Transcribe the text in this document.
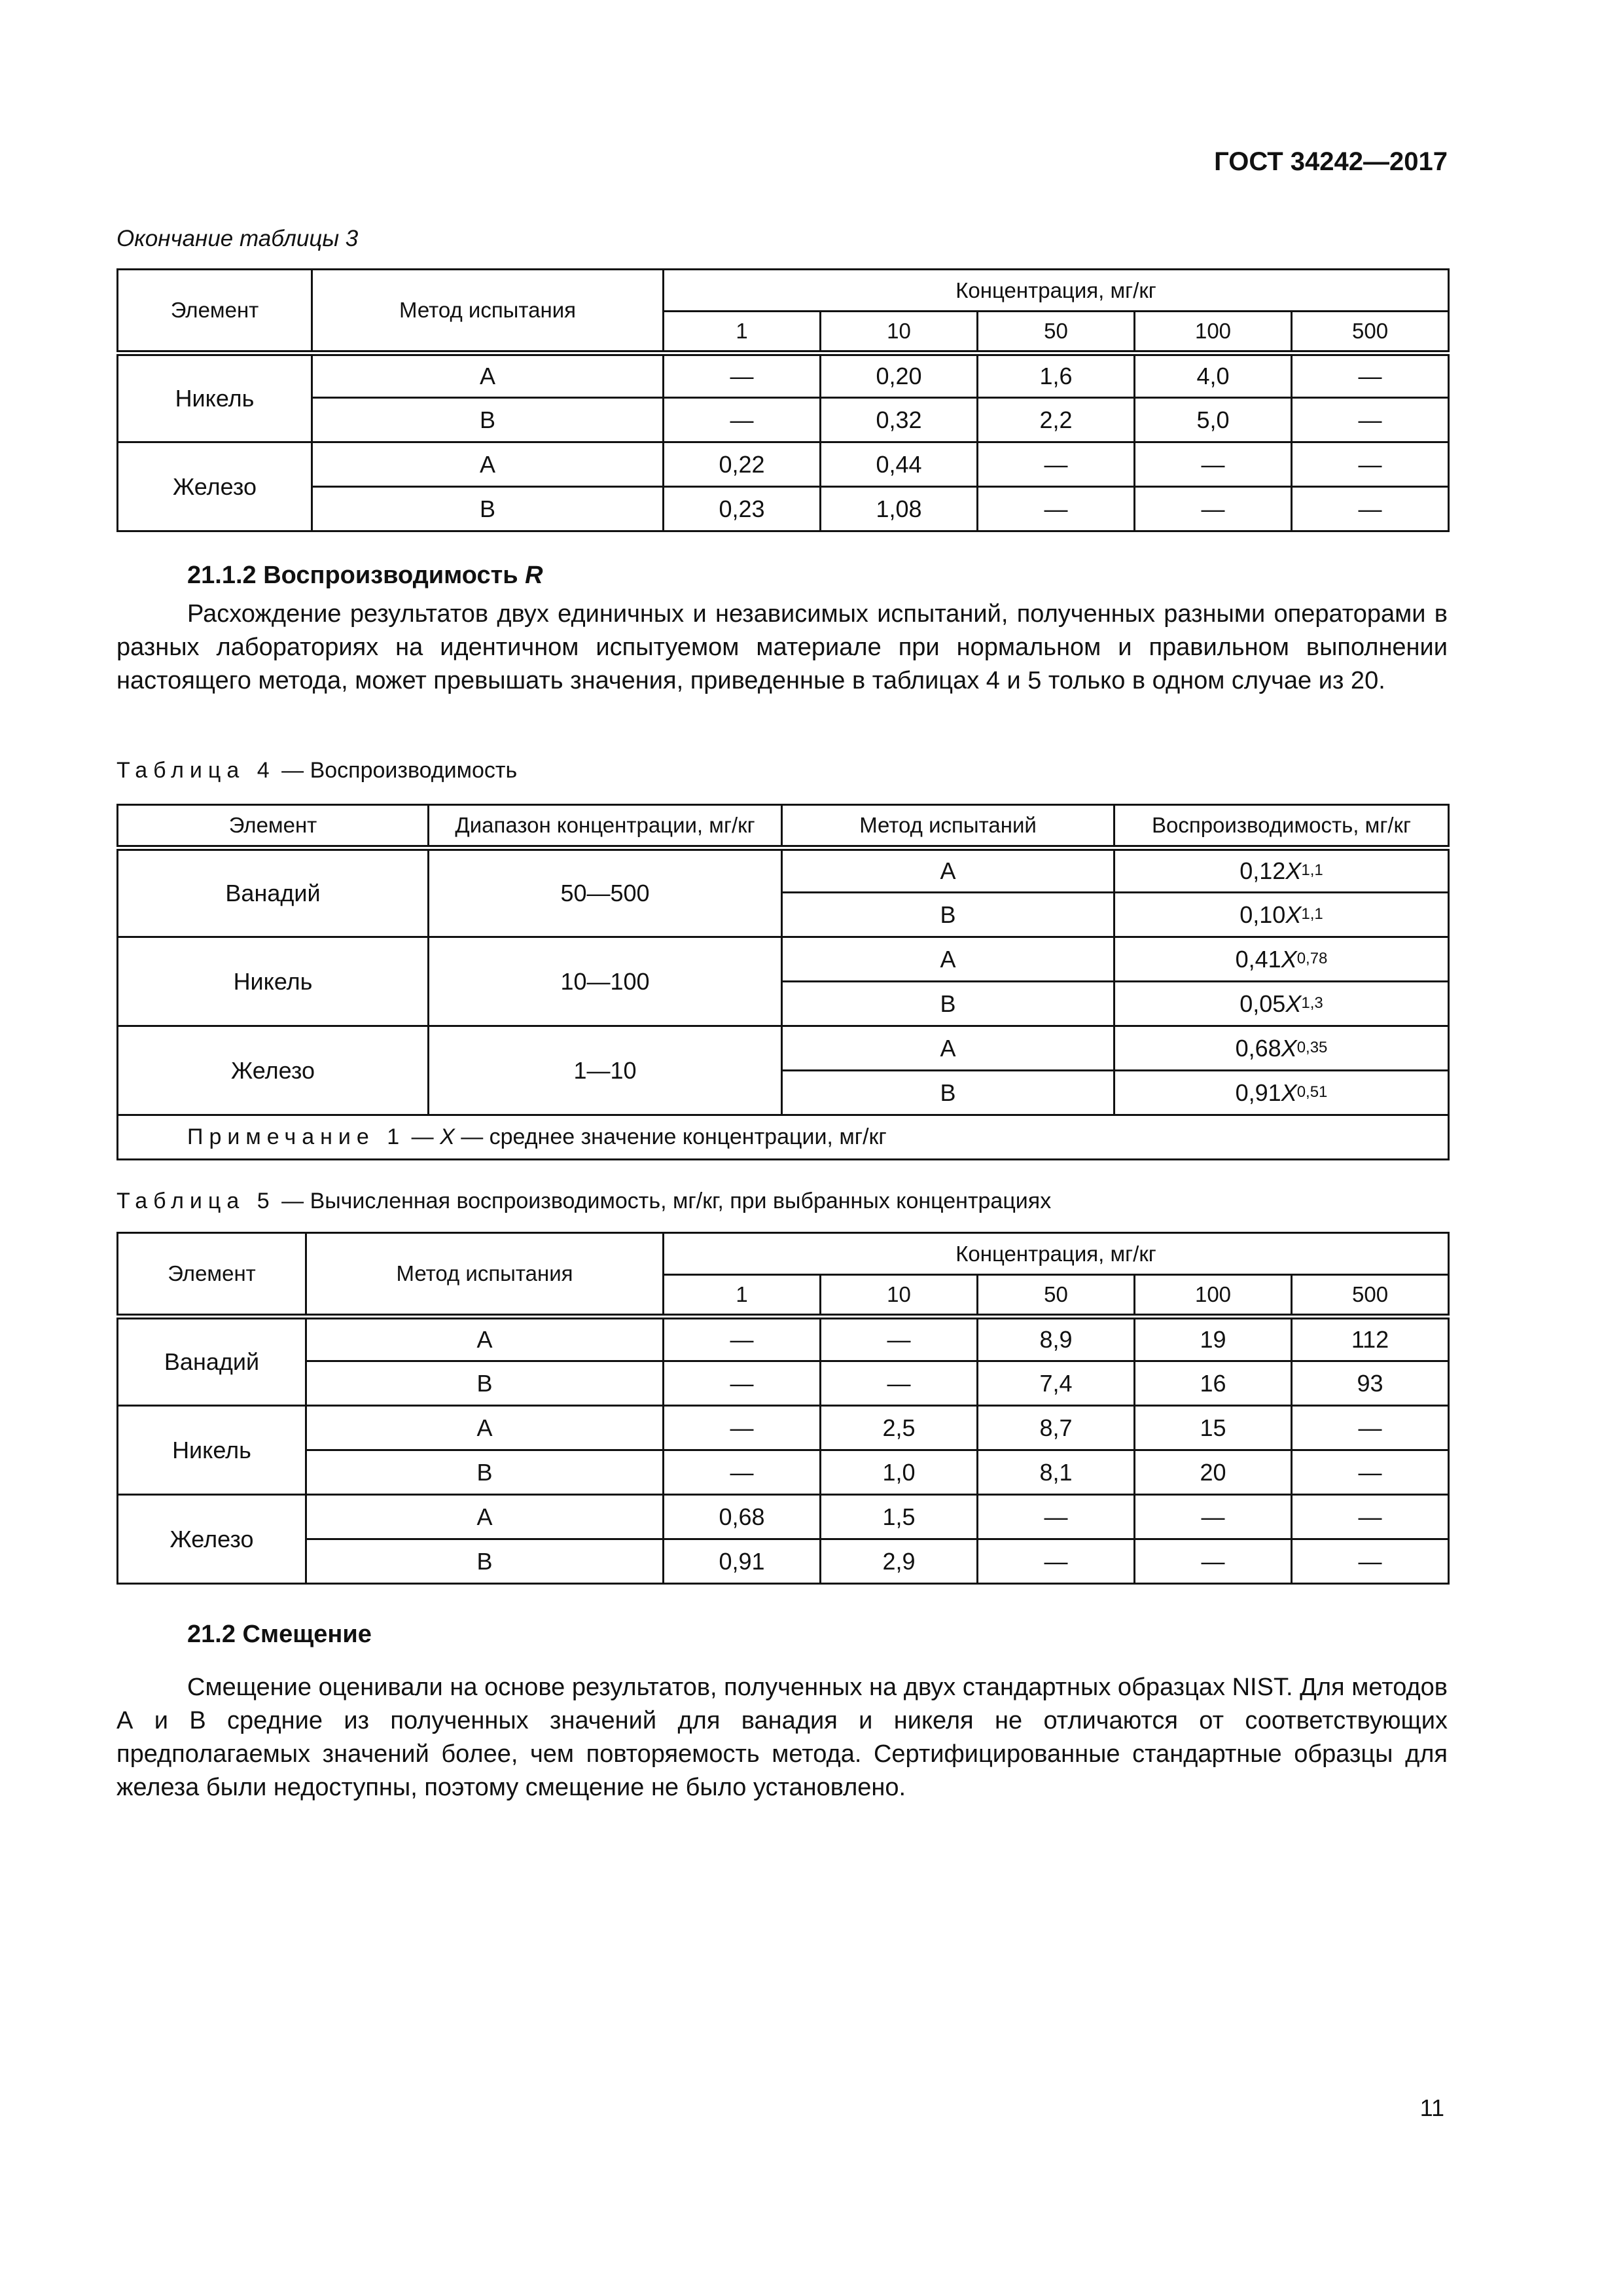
ГОСТ 34242—2017
Окончание таблицы 3
Элемент	Метод испытания	Концентрация, мг/кг				
		1	10	50	100	500
Никель	A	—	0,20	1,6	4,0	—
	B	—	0,32	2,2	5,0	—
Железо	A	0,22	0,44	—	—	—
	B	0,23	1,08	—	—	—
21.1.2 Воспроизводимость R

Расхождение результатов двух единичных и независимых испытаний, полученных разными операторами в разных лабораториях на идентичном испытуемом материале при нормальном и правильном выполнении настоящего метода, может превышать значения, приведенные в таблицах 4 и 5 только в одном случае из 20.

Таблица 4 — Воспроизводимость
Элемент	Диапазон концентрации, мг/кг	Метод испытаний	Воспроизводимость, мг/кг
Ванадий	50—500	A	$0,12X^{1,1}$
		B	$0,10X^{1,1}$
Никель	10—100	A	$0,41X^{0,78}$
		B	$0,05X^{1,3}$
Железо	1—10	A	$0,68X^{0,35}$
		B	$0,91X^{0,51}$
Примечание 1 — X — среднее значение концентрации, мг/кг			
Таблица 5 — Вычисленная воспроизводимость, мг/кг, при выбранных концентрациях
Элемент	Метод испытания	Концентрация, мг/кг				
		1	10	50	100	500
Ванадий	A	—	—	8,9	19	112
	B	—	—	7,4	16	93
Никель	A	—	2,5	8,7	15	—
	B	—	1,0	8,1	20	—
Железо	A	0,68	1,5	—	—	—
	B	0,91	2,9	—	—	—
21.2 Смещение

Смещение оценивали на основе результатов, полученных на двух стандартных образцах NIST. Для методов А и В средние из полученных значений для ванадия и никеля не отличаются от соответствующих предполагаемых значений более, чем повторяемость метода. Сертифицированные стандартные образцы для железа были недоступны, поэтому смещение не было установлено.

11
